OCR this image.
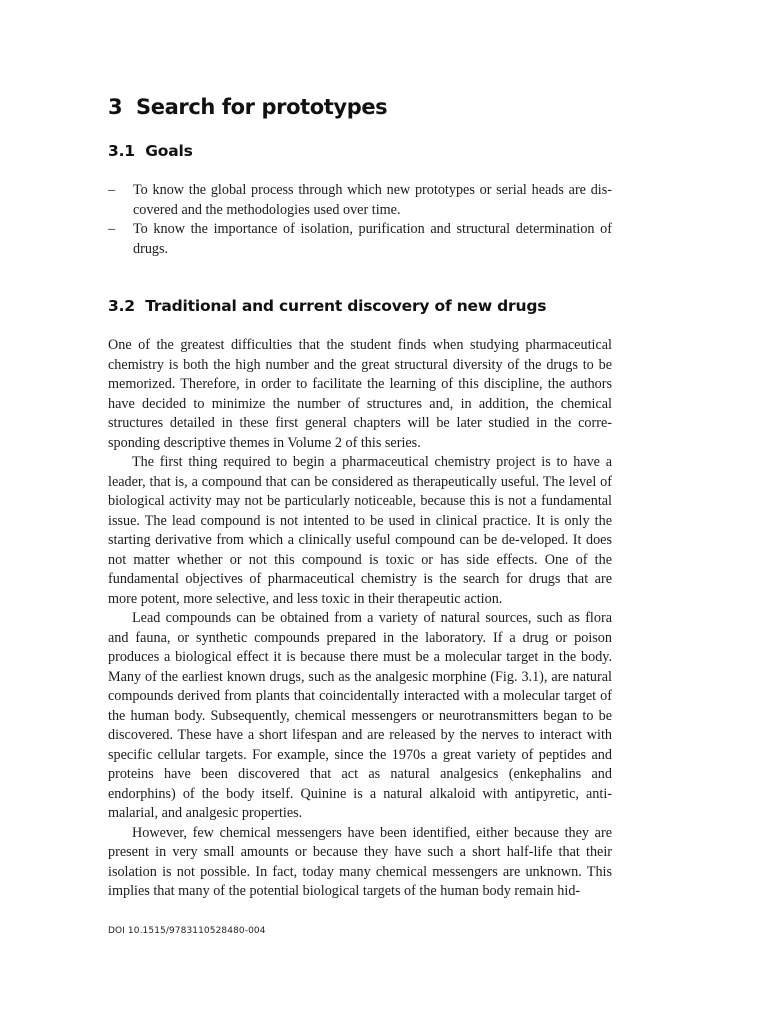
3 Search for prototypes
3.1 Goals
– To know the global process through which new prototypes or serial heads are dis-covered and the methodologies used over time.
– To know the importance of isolation, purification and structural determination of drugs.
3.2 Traditional and current discovery of new drugs

One of the greatest difficulties that the student finds when studying pharmaceutical chemistry is both the high number and the great structural diversity of the drugs to be memorized. Therefore, in order to facilitate the learning of this discipline, the authors have decided to minimize the number of structures and, in addition, the chemical structures detailed in these first general chapters will be later studied in the corre-sponding descriptive themes in Volume 2 of this series.

The first thing required to begin a pharmaceutical chemistry project is to have a leader, that is, a compound that can be considered as therapeutically useful. The level of biological activity may not be particularly noticeable, because this is not a fundamental issue. The lead compound is not intented to be used in clinical practice. It is only the starting derivative from which a clinically useful compound can be de-veloped. It does not matter whether or not this compound is toxic or has side effects. One of the fundamental objectives of pharmaceutical chemistry is the search for drugs that are more potent, more selective, and less toxic in their therapeutic action.

Lead compounds can be obtained from a variety of natural sources, such as flora and fauna, or synthetic compounds prepared in the laboratory. If a drug or poison produces a biological effect it is because there must be a molecular target in the body. Many of the earliest known drugs, such as the analgesic morphine (Fig. 3.1), are natural compounds derived from plants that coincidentally interacted with a molecular target of the human body. Subsequently, chemical messengers or neurotransmitters began to be discovered. These have a short lifespan and are released by the nerves to interact with specific cellular targets. For example, since the 1970s a great variety of peptides and proteins have been discovered that act as natural analgesics (enkephalins and endorphins) of the body itself. Quinine is a natural alkaloid with antipyretic, anti-malarial, and analgesic properties.

However, few chemical messengers have been identified, either because they are present in very small amounts or because they have such a short half-life that their isolation is not possible. In fact, today many chemical messengers are unknown. This implies that many of the potential biological targets of the human body remain hid-

DOI 10.1515/9783110528480-004
